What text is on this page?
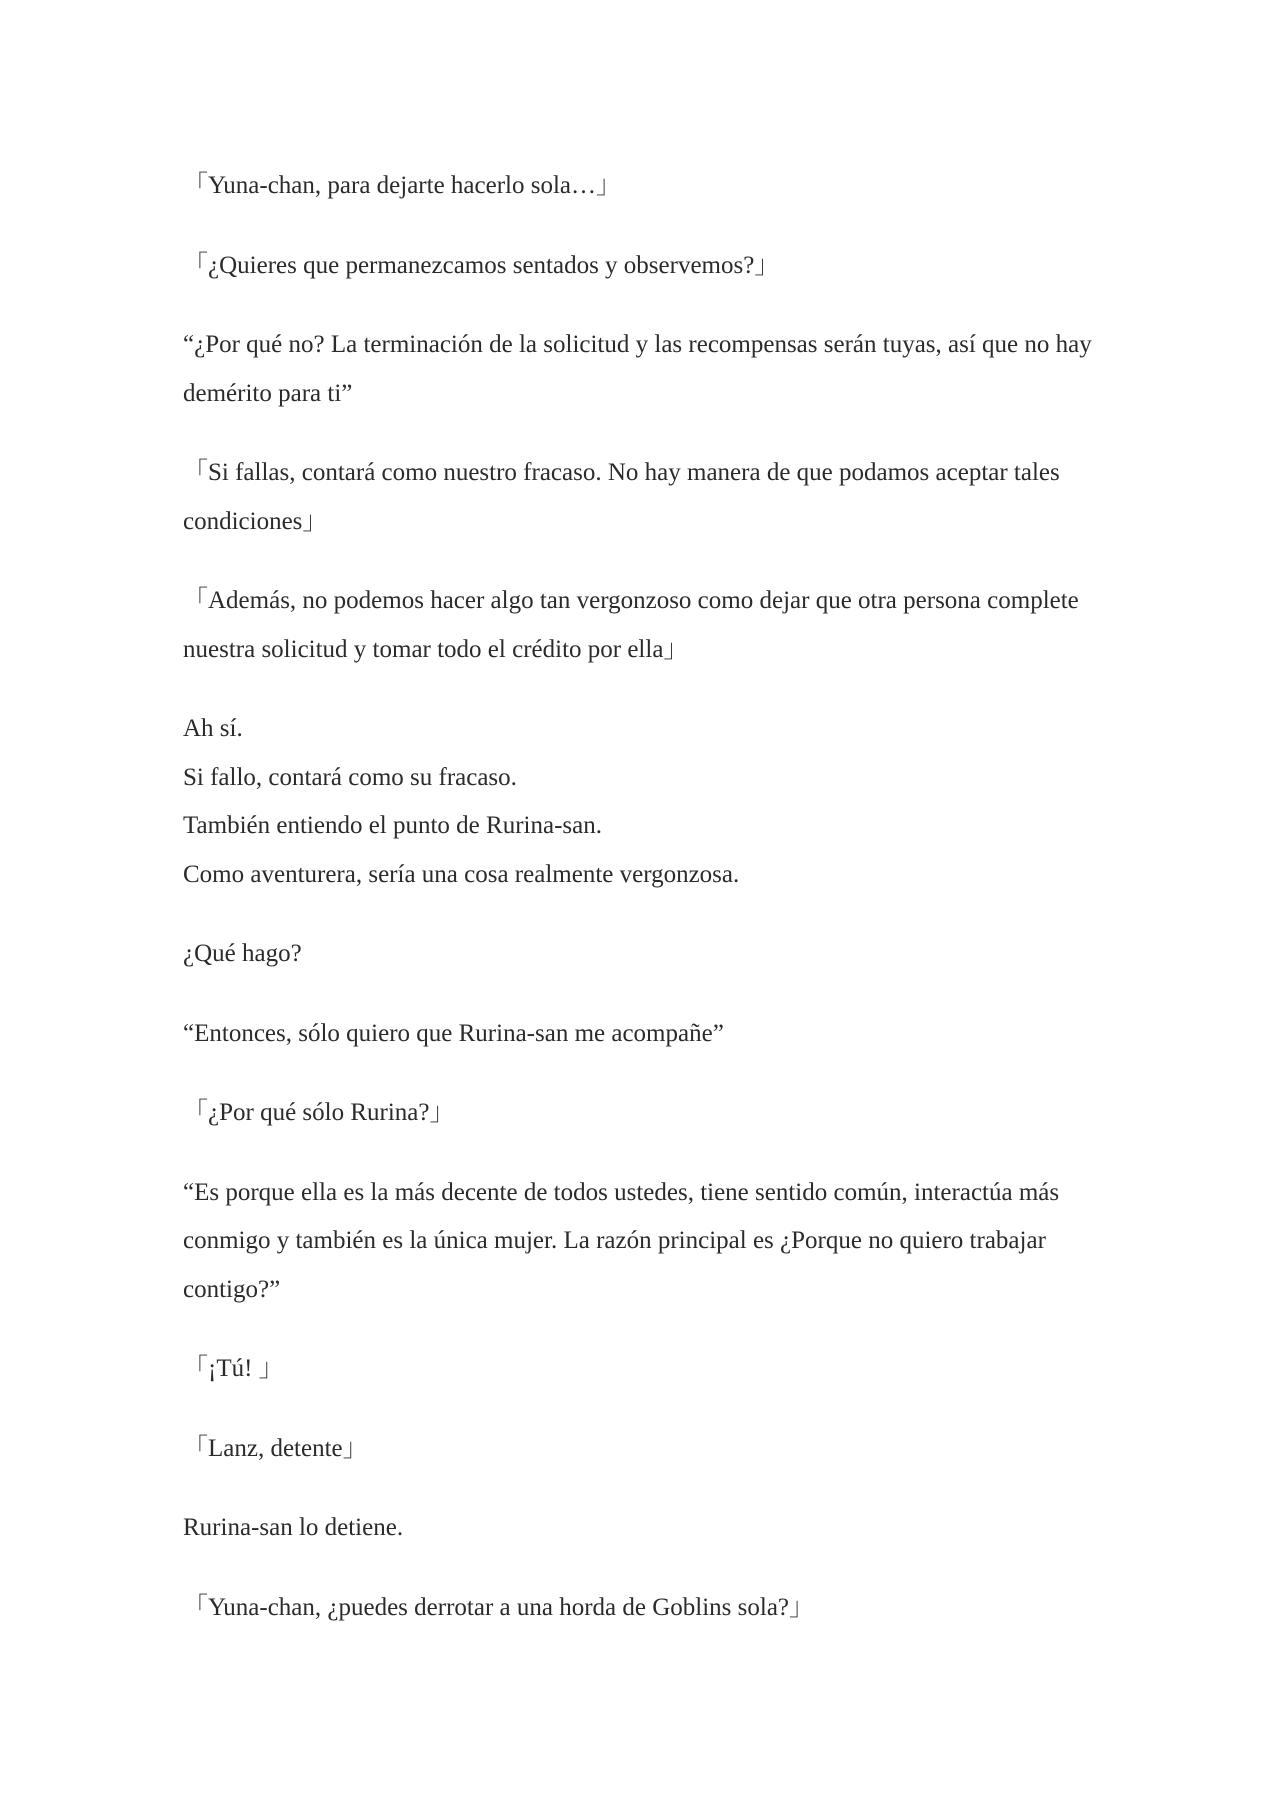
「Yuna-chan, para dejarte hacerlo sola…」

「¿Quieres que permanezcamos sentados y observemos?」

“¿Por qué no? La terminación de la solicitud y las recompensas serán tuyas, así que no hay demérito para ti”

「Si fallas, contará como nuestro fracaso. No hay manera de que podamos aceptar tales condiciones」

「Además, no podemos hacer algo tan vergonzoso como dejar que otra persona complete nuestra solicitud y tomar todo el crédito por ella」

Ah sí.
Si fallo, contará como su fracaso.
También entiendo el punto de Rurina-san.
Como aventurera, sería una cosa realmente vergonzosa.

¿Qué hago?

“Entonces, sólo quiero que Rurina-san me acompañe”

「¿Por qué sólo Rurina?」

“Es porque ella es la más decente de todos ustedes, tiene sentido común, interactúa más conmigo y también es la única mujer. La razón principal es ¿Porque no quiero trabajar contigo?”

「¡Tú! 」

「Lanz, detente」

Rurina-san lo detiene.

「Yuna-chan, ¿puedes derrotar a una horda de Goblins sola?」
